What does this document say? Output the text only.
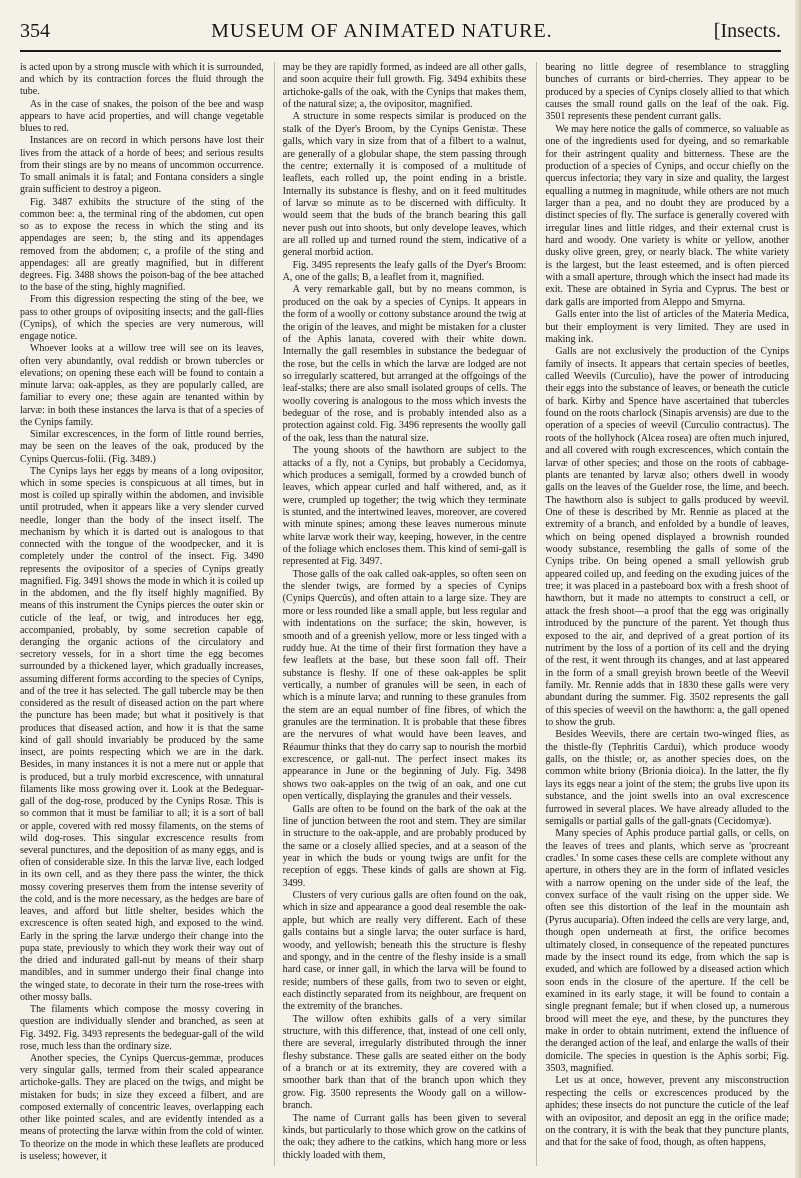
354	MUSEUM OF ANIMATED NATURE.	[Insects.

is acted upon by a strong muscle with which it is surrounded, and which by its contraction forces the fluid through the tube.

As in the case of snakes, the poison of the bee and wasp appears to have acid properties, and will change vegetable blues to red.

Instances are on record in which persons have lost their lives from the attack of a horde of bees; and serious results from their stings are by no means of uncommon occurrence. To small animals it is fatal; and Fontana considers a single grain sufficient to destroy a pigeon.

Fig. 3487 exhibits the structure of the sting of the common bee: a, the terminal ring of the abdomen, cut open so as to expose the recess in which the sting and its appendages are seen; b, the sting and its appendages removed from the abdomen; c, a profile of the sting and appendages: all are greatly magnified, but in different degrees. Fig. 3488 shows the poison-bag of the bee attached to the base of the sting, highly magnified.

From this digression respecting the sting of the bee, we pass to other groups of ovipositing insects; and the gall-flies (Cynips), of which the species are very numerous, will engage notice.

Whoever looks at a willow tree will see on its leaves, often very abundantly, oval reddish or brown tubercles or elevations; on opening these each will be found to contain a minute larva: oak-apples, as they are popularly called, are familiar to every one; these again are tenanted within by larvæ: in both these instances the larva is that of a species of the Cynips family.

Similar excrescences, in the form of little round berries, may be seen on the leaves of the oak, produced by the Cynips Quercus-folii. (Fig. 3489.)

The Cynips lays her eggs by means of a long ovipositor, which in some species is conspicuous at all times, but in most is coiled up spirally within the abdomen, and invisible until protruded, when it appears like a very slender curved needle, longer than the body of the insect itself. The mechanism by which it is darted out is analogous to that connected with the tongue of the woodpecker, and it is completely under the control of the insect. Fig. 3490 represents the ovipositor of a species of Cynips greatly magnified. Fig. 3491 shows the mode in which it is coiled up in the abdomen, and the fly itself highly magnified. By means of this instrument the Cynips pierces the outer skin or cuticle of the leaf, or twig, and introduces her egg, accompanied, probably, by some secretion capable of deranging the organic actions of the circulatory and secretory vessels, for in a short time the egg becomes surrounded by a thickened layer, which gradually increases, assuming different forms according to the species of Cynips, and of the tree it has selected. The gall tubercle may be then considered as the result of diseased action on the part where the puncture has been made; but what it positively is that produces that diseased action, and how it is that the same kind of gall should invariably be produced by the same insect, are points respecting which we are in the dark. Besides, in many instances it is not a mere nut or apple that is produced, but a truly morbid excrescence, with unnatural filaments like moss growing over it. Look at the Bedeguar-gall of the dog-rose, produced by the Cynips Rosæ. This is so common that it must be familiar to all; it is a sort of ball or apple, covered with red mossy filaments, on the stems of wild dog-roses. This singular excrescence results from several punctures, and the deposition of as many eggs, and is often of considerable size. In this the larvæ live, each lodged in its own cell, and as they there pass the winter, the thick mossy covering preserves them from the intense severity of the cold, and is the more necessary, as the hedges are bare of leaves, and afford but little shelter, besides which the excrescence is often seated high, and exposed to the wind. Early in the spring the larvæ undergo their change into the pupa state, previously to which they work their way out of the dried and indurated gall-nut by means of their sharp mandibles, and in summer undergo their final change into the winged state, to decorate in their turn the rose-trees with other mossy balls.

The filaments which compose the mossy covering in question are individually slender and branched, as seen at Fig. 3492. Fig. 3493 represents the bedeguar-gall of the wild rose, much less than the ordinary size.

Another species, the Cynips Quercus-gemmæ, produces very singular galls, termed from their scaled appearance artichoke-galls. They are placed on the twigs, and might be mistaken for buds; in size they exceed a filbert, and are composed externally of concentric leaves, overlapping each other like pointed scales, and are evidently intended as a means of protecting the larvæ within from the cold of winter. To theorize on the mode in which these leaflets are produced is useless; however, it

may be they are rapidly formed, as indeed are all other galls, and soon acquire their full growth. Fig. 3494 exhibits these artichoke-galls of the oak, with the Cynips that makes them, of the natural size; a, the ovipositor, magnified.

A structure in some respects similar is produced on the stalk of the Dyer's Broom, by the Cynips Genistæ. These galls, which vary in size from that of a filbert to a walnut, are generally of a globular shape, the stem passing through the centre; externally it is composed of a multitude of leaflets, each rolled up, the point ending in a bristle. Internally its substance is fleshy, and on it feed multitudes of larvæ so minute as to be discerned with difficulty. It would seem that the buds of the branch bearing this gall never push out into shoots, but only develope leaves, which are all rolled up and turned round the stem, indicative of a general morbid action.

Fig. 3495 represents the leafy galls of the Dyer's Broom: A, one of the galls; B, a leaflet from it, magnified.

A very remarkable gall, but by no means common, is produced on the oak by a species of Cynips. It appears in the form of a woolly or cottony substance around the twig at the origin of the leaves, and might be mistaken for a cluster of the Aphis lanata, covered with their white down. Internally the gall resembles in substance the bedeguar of the rose, but the cells in which the larvæ are lodged are not so irregularly scattered, but arranged at the offgoings of the leaf-stalks; there are also small isolated groups of cells. The woolly covering is analogous to the moss which invests the bedeguar of the rose, and is probably intended also as a protection against cold. Fig. 3496 represents the woolly gall of the oak, less than the natural size.

The young shoots of the hawthorn are subject to the attacks of a fly, not a Cynips, but probably a Cecidomya, which produces a semigall, formed by a crowded bunch of leaves, which appear curled and half withered, and, as it were, crumpled up together; the twig which they terminate is stunted, and the intertwined leaves, moreover, are covered with minute spines; among these leaves numerous minute white larvæ work their way, keeping, however, in the centre of the foliage which encloses them. This kind of semi-gall is represented at Fig. 3497.

Those galls of the oak called oak-apples, so often seen on the slender twigs, are formed by a species of Cynips (Cynips Quercûs), and often attain to a large size. They are more or less rounded like a small apple, but less regular and with indentations on the surface; the skin, however, is smooth and of a greenish yellow, more or less tinged with a ruddy hue. At the time of their first formation they have a few leaflets at the base, but these soon fall off. Their substance is fleshy. If one of these oak-apples be split vertically, a number of granules will be seen, in each of which is a minute larva; and running to these granules from the stem are an equal number of fine fibres, of which the granules are the termination. It is probable that these fibres are the nervures of what would have been leaves, and Réaumur thinks that they do carry sap to nourish the morbid excrescence, or gall-nut. The perfect insect makes its appearance in June or the beginning of July. Fig. 3498 shows two oak-apples on the twig of an oak, and one cut open vertically, displaying the granules and their vessels.

Galls are often to be found on the bark of the oak at the line of junction between the root and stem. They are similar in structure to the oak-apple, and are probably produced by the same or a closely allied species, and at a season of the year in which the buds or young twigs are unfit for the reception of eggs. These kinds of galls are shown at Fig. 3499.

Clusters of very curious galls are often found on the oak, which in size and appearance a good deal resemble the oak-apple, but which are really very different. Each of these galls contains but a single larva; the outer surface is hard, woody, and yellowish; beneath this the structure is fleshy and spongy, and in the centre of the fleshy inside is a small hard case, or inner gall, in which the larva will be found to reside; numbers of these galls, from two to seven or eight, each distinctly separated from its neighbour, are frequent on the extremity of the branches.

The willow often exhibits galls of a very similar structure, with this difference, that, instead of one cell only, there are several, irregularly distributed through the inner fleshy substance. These galls are seated either on the body of a branch or at its extremity, they are covered with a smoother bark than that of the branch upon which they grow. Fig. 3500 represents the Woody gall on a willow-branch.

The name of Currant galls has been given to several kinds, but particularly to those which grow on the catkins of the oak; they adhere to the catkins, which hang more or less thickly loaded with them,

bearing no little degree of resemblance to straggling bunches of currants or bird-cherries. They appear to be produced by a species of Cynips closely allied to that which causes the small round galls on the leaf of the oak. Fig. 3501 represents these pendent currant galls.

We may here notice the galls of commerce, so valuable as one of the ingredients used for dyeing, and so remarkable for their astringent quality and bitterness. These are the production of a species of Cynips, and occur chiefly on the quercus infectoria; they vary in size and quality, the largest equalling a nutmeg in magnitude, while others are not much larger than a pea, and no doubt they are produced by a distinct species of fly. The surface is generally covered with irregular lines and little ridges, and their external crust is hard and woody. One variety is white or yellow, another dusky olive green, grey, or nearly black. The white variety is the largest, but the least esteemed, and is often pierced with a small aperture, through which the insect had made its exit. These are obtained in Syria and Cyprus. The best or dark galls are imported from Aleppo and Smyrna.

Galls enter into the list of articles of the Materia Medica, but their employment is very limited. They are used in making ink.

Galls are not exclusively the production of the Cynips family of insects. It appears that certain species of beetles, called Weevils (Curculio), have the power of introducing their eggs into the substance of leaves, or beneath the cuticle of bark. Kirby and Spence have ascertained that tubercles found on the roots charlock (Sinapis arvensis) are due to the operation of a species of weevil (Curculio contractus). The roots of the hollyhock (Alcea rosea) are often much injured, and all covered with rough excrescences, which contain the larvæ of other species; and those on the roots of cabbage-plants are tenanted by larvæ also; others dwell in woody galls on the leaves of the Guelder rose, the lime, and beech. The hawthorn also is subject to galls produced by weevil. One of these is described by Mr. Rennie as placed at the extremity of a branch, and enfolded by a bundle of leaves, which on being opened displayed a brownish rounded woody substance, resembling the galls of some of the Cynips tribe. On being opened a small yellowish grub appeared coiled up, and feeding on the exuding juices of the tree; it was placed in a pasteboard box with a fresh shoot of hawthorn, but it made no attempts to construct a cell, or attack the fresh shoot—a proof that the egg was originally introduced by the puncture of the parent. Yet though thus exposed to the air, and deprived of a great portion of its nutriment by the loss of a portion of its cell and the drying of the rest, it went through its changes, and at last appeared in the form of a small greyish brown beetle of the Weevil family. Mr. Rennie adds that in 1830 these galls were very abundant during the summer. Fig. 3502 represents the gall of this species of weevil on the hawthorn: a, the gall opened to show the grub.

Besides Weevils, there are certain two-winged flies, as the thistle-fly (Tephritis Cardui), which produce woody galls, on the thistle; or, as another species does, on the common white briony (Brionia dioica). In the latter, the fly lays its eggs near a joint of the stem; the grubs live upon its substance, and the joint swells into an oval excrescence furrowed in several places. We have already alluded to the semigalls or partial galls of the gall-gnats (Cecidomyæ).

Many species of Aphis produce partial galls, or cells, on the leaves of trees and plants, which serve as 'procreant cradles.' In some cases these cells are complete without any aperture, in others they are in the form of inflated vesicles with a narrow opening on the under side of the leaf, the convex surface of the vault rising on the upper side. We often see this distortion of the leaf in the mountain ash (Pyrus aucuparia). Often indeed the cells are very large, and, though open underneath at first, the orifice becomes ultimately closed, in consequence of the repeated punctures made by the insect round its edge, from which the sap is exuded, and which are followed by a diseased action which soon ends in the closure of the aperture. If the cell be examined in its early stage, it will be found to contain a single pregnant female; but if when closed up, a numerous brood will meet the eye, and these, by the punctures they make in order to obtain nutriment, extend the influence of the deranged action of the leaf, and enlarge the walls of their domicile. The species in question is the Aphis sorbi; Fig. 3503, magnified.

Let us at once, however, prevent any misconstruction respecting the cells or excrescences produced by the aphides; these insects do not puncture the cuticle of the leaf with an ovipositor, and deposit an egg in the orifice made; on the contrary, it is with the beak that they puncture plants, and that for the sake of food, though, as often happens,
